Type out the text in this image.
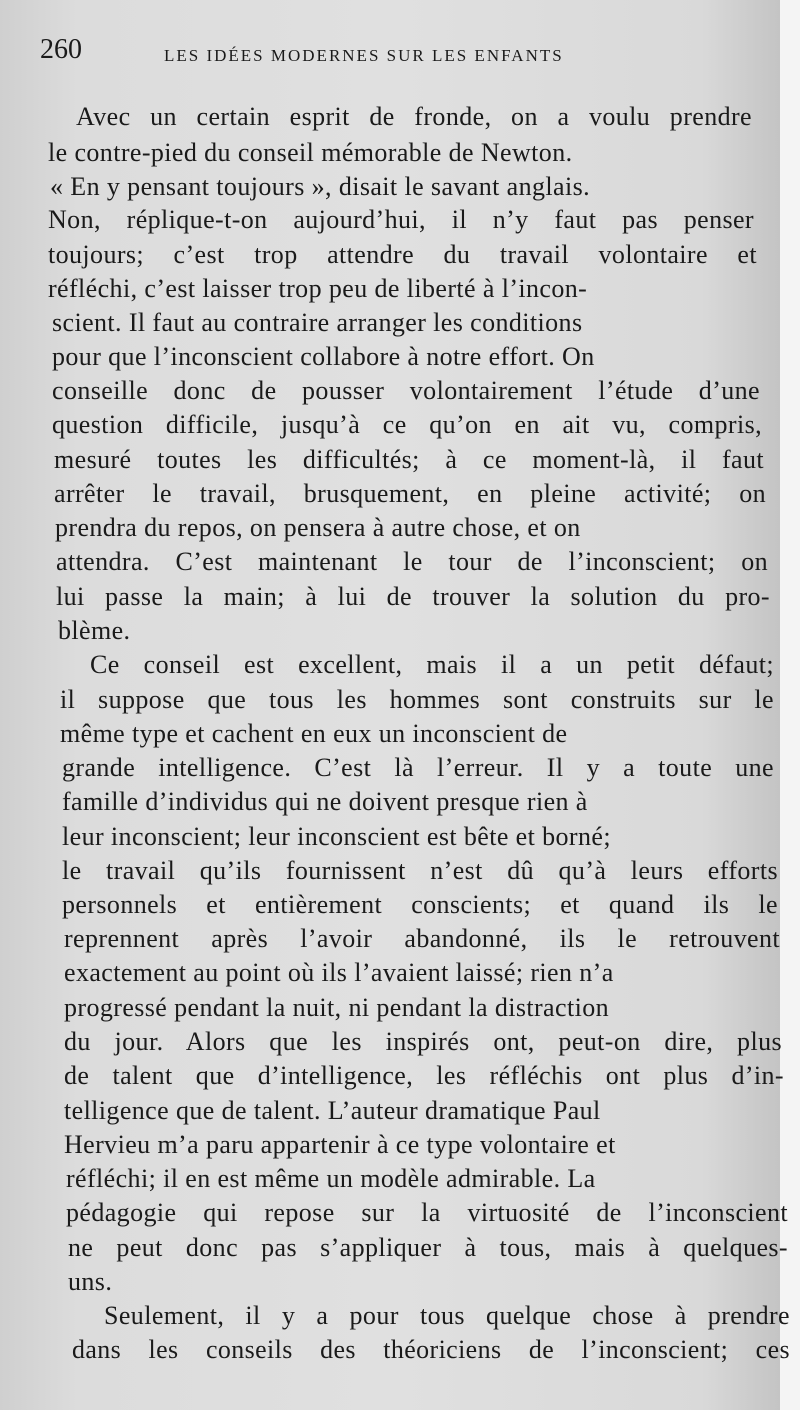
260	LES IDÉES MODERNES SUR LES ENFANTS
Avec un certain esprit de fronde, on a voulu prendre
le contre-pied du conseil mémorable de Newton.
« En y pensant toujours », disait le savant anglais.
Non, réplique-t-on aujourd’hui, il n’y faut pas penser
toujours; c’est trop attendre du travail volontaire et
réfléchi, c’est laisser trop peu de liberté à l’incon-
scient. Il faut au contraire arranger les conditions
pour que l’inconscient collabore à notre effort. On
conseille donc de pousser volontairement l’étude d’une
question difficile, jusqu’à ce qu’on en ait vu, compris,
mesuré toutes les difficultés; à ce moment-là, il faut
arrêter le travail, brusquement, en pleine activité; on
prendra du repos, on pensera à autre chose, et on
attendra. C’est maintenant le tour de l’inconscient; on
lui passe la main; à lui de trouver la solution du pro-
blème.
Ce conseil est excellent, mais il a un petit défaut;
il suppose que tous les hommes sont construits sur le
même type et cachent en eux un inconscient de
grande intelligence. C’est là l’erreur. Il y a toute une
famille d’individus qui ne doivent presque rien à
leur inconscient; leur inconscient est bête et borné;
le travail qu’ils fournissent n’est dû qu’à leurs efforts
personnels et entièrement conscients; et quand ils le
reprennent après l’avoir abandonné, ils le retrouvent
exactement au point où ils l’avaient laissé; rien n’a
progressé pendant la nuit, ni pendant la distraction
du jour. Alors que les inspirés ont, peut-on dire, plus
de talent que d’intelligence, les réfléchis ont plus d’in-
telligence que de talent. L’auteur dramatique Paul
Hervieu m’a paru appartenir à ce type volontaire et
réfléchi; il en est même un modèle admirable. La
pédagogie qui repose sur la virtuosité de l’inconscient
ne peut donc pas s’appliquer à tous, mais à quelques-
uns.
Seulement, il y a pour tous quelque chose à prendre
dans les conseils des théoriciens de l’inconscient; ces
